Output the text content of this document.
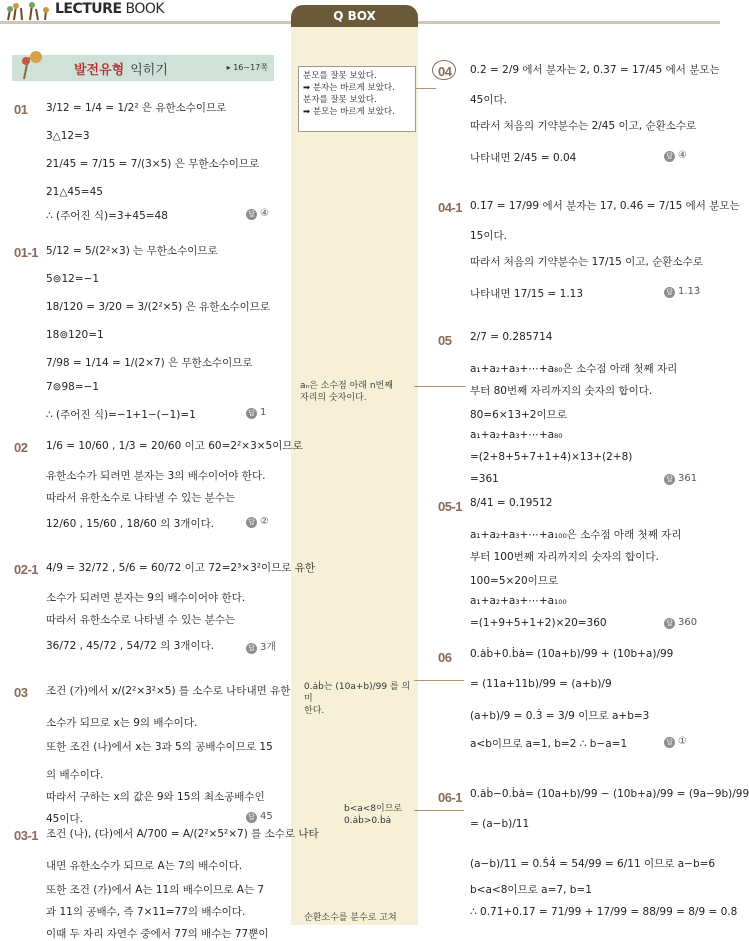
LECTURE BOOK	Q BOX
발전유형 익히기	▸ 16~17쪽
분모를 잘못 보았다.
➡ 분자는 바르게 보았다.
분자를 잘못 보았다.
➡ 분모는 바르게 보았다.
aₙ은 소수점 아래 n번째
자리의 숫자이다.
0.ȧḃ는 (10a+b)/99 를 의미
한다.
b<a<8이므로
0.ȧḃ>0.ḃȧ
순환소수를 분수로 고쳐
01 3/12 = 1/4 = 1/2² 은 유한소수이므로
3△12=3
21/45 = 7/15 = 7/(3×5) 은 무한소수이므로
21△45=45
∴ (주어진 식)=3+45=48	답 ④
01-1 5/12 = 5/(2²×3) 는 무한소수이므로
5⊚12=−1
18/120 = 3/20 = 3/(2²×5) 은 유한소수이므로
18⊚120=1
7/98 = 1/14 = 1/(2×7) 은 무한소수이므로
7⊚98=−1
∴ (주어진 식)=−1+1−(−1)=1	답 1
02 1/6 = 10/60 , 1/3 = 20/60 이고 60=2²×3×5이므로
유한소수가 되려면 분자는 3의 배수이어야 한다.
따라서 유한소수로 나타낼 수 있는 분수는
12/60 , 15/60 , 18/60 의 3개이다.	답 ②
02-1 4/9 = 32/72 , 5/6 = 60/72 이고 72=2³×3²이므로 유한
소수가 되려면 분자는 9의 배수이어야 한다.
따라서 유한소수로 나타낼 수 있는 분수는
36/72 , 45/72 , 54/72 의 3개이다.	답 3개
03 조건 (가)에서 x/(2²×3²×5) 를 소수로 나타내면 유한
소수가 되므로 x는 9의 배수이다.
또한 조건 (나)에서 x는 3과 5의 공배수이므로 15
의 배수이다.
따라서 구하는 x의 값은 9와 15의 최소공배수인
45이다.	답 45
03-1 조건 (나), (다)에서 A/700 = A/(2²×5²×7) 를 소수로 나타
내면 유한소수가 되므로 A는 7의 배수이다.
또한 조건 (가)에서 A는 11의 배수이므로 A는 7
과 11의 공배수, 즉 7×11=77의 배수이다.
이때 두 자리 자연수 중에서 77의 배수는 77뿐이
04 0.2̇ = 2/9 에서 분자는 2, 0.37̇ = 17/45 에서 분모는
45이다.
따라서 처음의 기약분수는 2/45 이고, 순환소수로
나타내면 2/45 = 0.04̇	답 ④
04-1 0.1̇7̇ = 17/99 에서 분자는 17, 0.46̇ = 7/15 에서 분모는
15이다.
따라서 처음의 기약분수는 17/15 이고, 순환소수로
나타내면 17/15 = 1.13̇	답 1.13̇
05 2/7 = 0.2̇85714̇
a₁+a₂+a₃+⋯+a₈₀은 소수점 아래 첫째 자리
부터 80번째 자리까지의 숫자의 합이다.
80=6×13+2이므로
a₁+a₂+a₃+⋯+a₈₀
=(2+8+5+7+1+4)×13+(2+8)
=361	답 361
05-1 8/41 = 0.1̇951̇2̇
a₁+a₂+a₃+⋯+a₁₀₀은 소수점 아래 첫째 자리
부터 100번째 자리까지의 숫자의 합이다.
100=5×20이므로
a₁+a₂+a₃+⋯+a₁₀₀
=(1+9+5+1+2)×20=360	답 360
06 0.ȧḃ+0.ḃȧ= (10a+b)/99 + (10b+a)/99
= (11a+11b)/99 = (a+b)/9
(a+b)/9 = 0.3̇ = 3/9 이므로 a+b=3
a<b이므로 a=1, b=2 ∴ b−a=1	답 ①
06-1 0.ȧḃ−0.ḃȧ= (10a+b)/99 − (10b+a)/99 = (9a−9b)/99
= (a−b)/11
(a−b)/11 = 0.5̇4̇ = 54/99 = 6/11 이므로 a−b=6
b<a<8이므로 a=7, b=1
∴ 0.7̇1̇+0.1̇7̇ = 71/99 + 17/99 = 88/99 = 8/9 = 0.8̇
